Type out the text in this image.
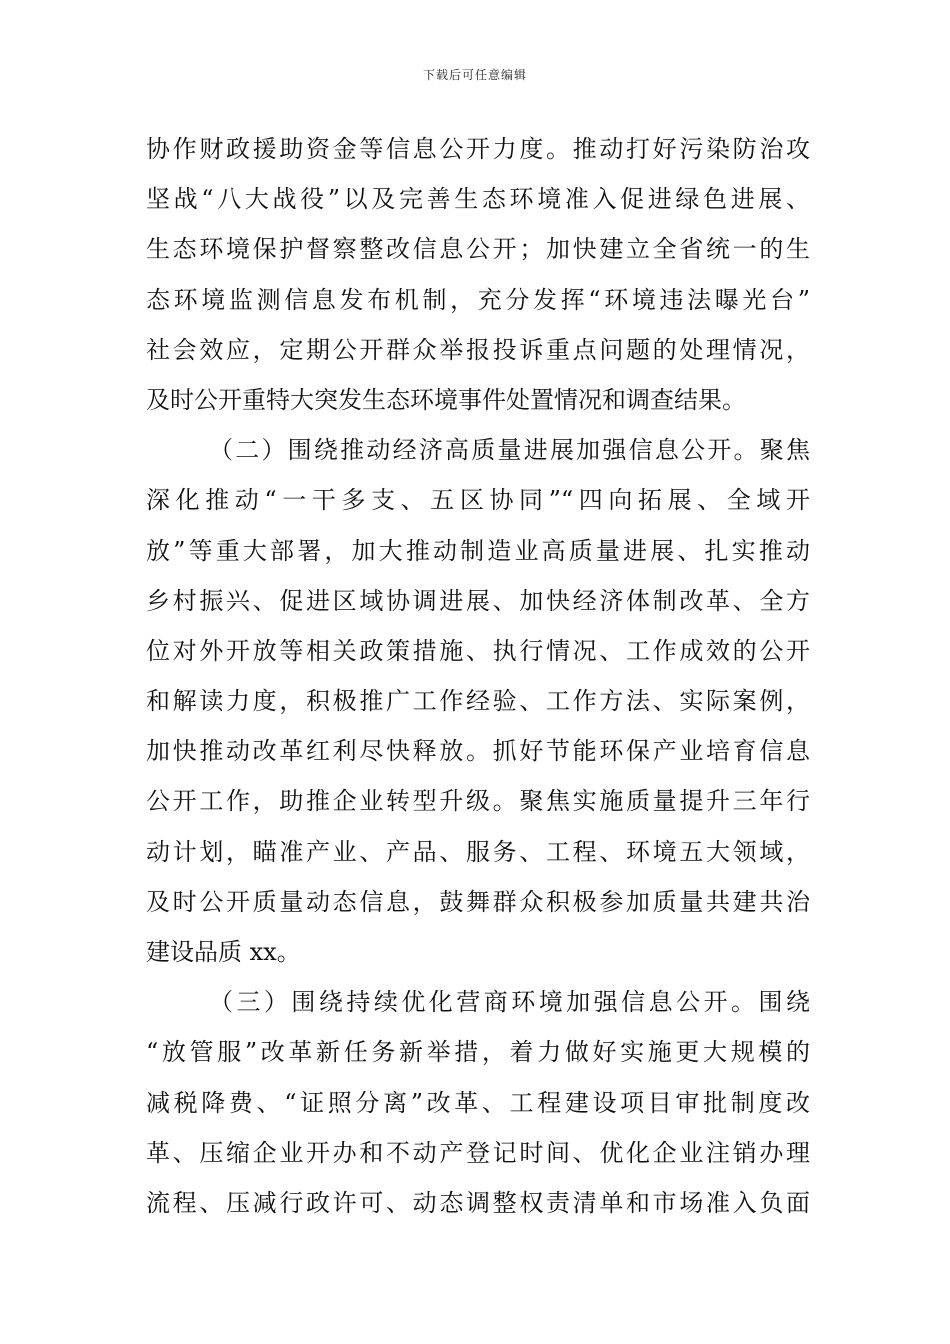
下载后可任意编辑
协作财政援助资金等信息公开力度。推动打好污染防治攻
坚战“八大战役”以及完善生态环境准入促进绿色进展、
生态环境保护督察整改信息公开；加快建立全省统一的生
态环境监测信息发布机制，充分发挥“环境违法曝光台”
社会效应，定期公开群众举报投诉重点问题的处理情况，
及时公开重特大突发生态环境事件处置情况和调查结果。
（二）围绕推动经济高质量进展加强信息公开。聚焦
深化推动“一干多支、五区协同”“四向拓展、全域开
放”等重大部署，加大推动制造业高质量进展、扎实推动
乡村振兴、促进区域协调进展、加快经济体制改革、全方
位对外开放等相关政策措施、执行情况、工作成效的公开
和解读力度，积极推广工作经验、工作方法、实际案例，
加快推动改革红利尽快释放。抓好节能环保产业培育信息
公开工作，助推企业转型升级。聚焦实施质量提升三年行
动计划，瞄准产业、产品、服务、工程、环境五大领域，
及时公开质量动态信息，鼓舞群众积极参加质量共建共治
建设品质 xx。
（三）围绕持续优化营商环境加强信息公开。围绕
“放管服”改革新任务新举措，着力做好实施更大规模的
减税降费、“证照分离”改革、工程建设项目审批制度改
革、压缩企业开办和不动产登记时间、优化企业注销办理
流程、压减行政许可、动态调整权责清单和市场准入负面
